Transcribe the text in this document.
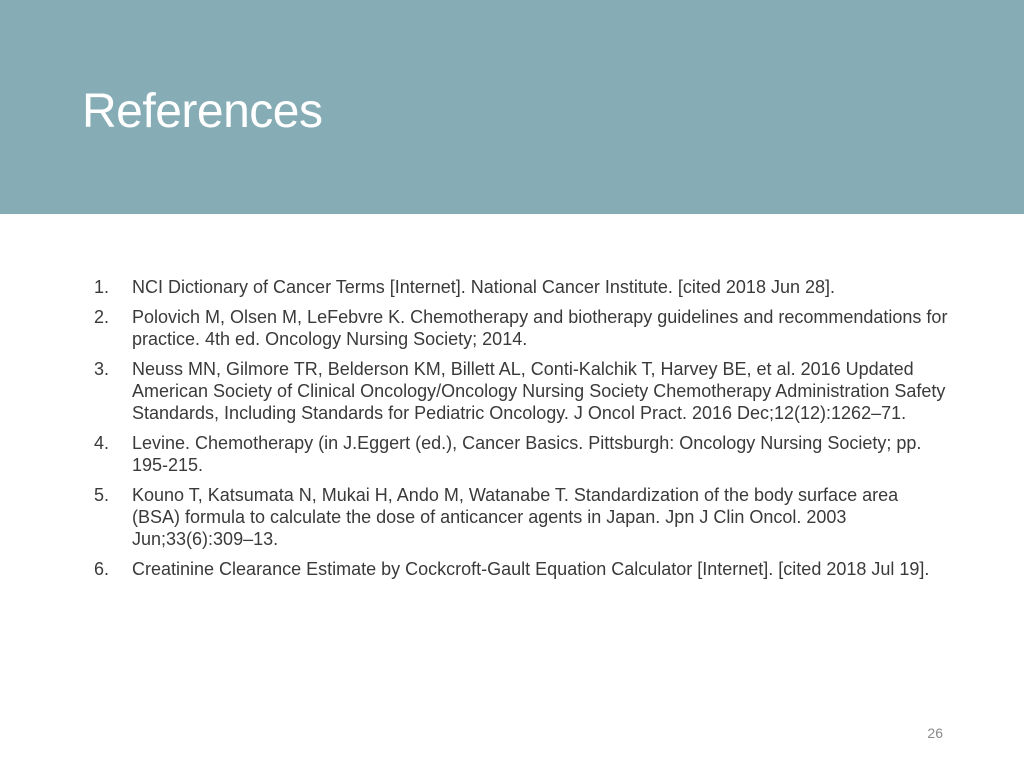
References
1.	NCI Dictionary of Cancer Terms [Internet]. National Cancer Institute. [cited 2018 Jun 28].
2.	Polovich M, Olsen M, LeFebvre K. Chemotherapy and biotherapy guidelines and recommendations for practice. 4th ed. Oncology Nursing Society; 2014.
3.	Neuss MN, Gilmore TR, Belderson KM, Billett AL, Conti-Kalchik T, Harvey BE, et al. 2016 Updated American Society of Clinical Oncology/Oncology Nursing Society Chemotherapy Administration Safety Standards, Including Standards for Pediatric Oncology. J Oncol Pract. 2016 Dec;12(12):1262–71.
4.	Levine. Chemotherapy (in J.Eggert (ed.), Cancer Basics. Pittsburgh: Oncology Nursing Society; pp. 195-215.
5.	Kouno T, Katsumata N, Mukai H, Ando M, Watanabe T. Standardization of the body surface area (BSA) formula to calculate the dose of anticancer agents in Japan. Jpn J Clin Oncol. 2003 Jun;33(6):309–13.
6.	Creatinine Clearance Estimate by Cockcroft-Gault Equation Calculator [Internet]. [cited 2018 Jul 19].
26
